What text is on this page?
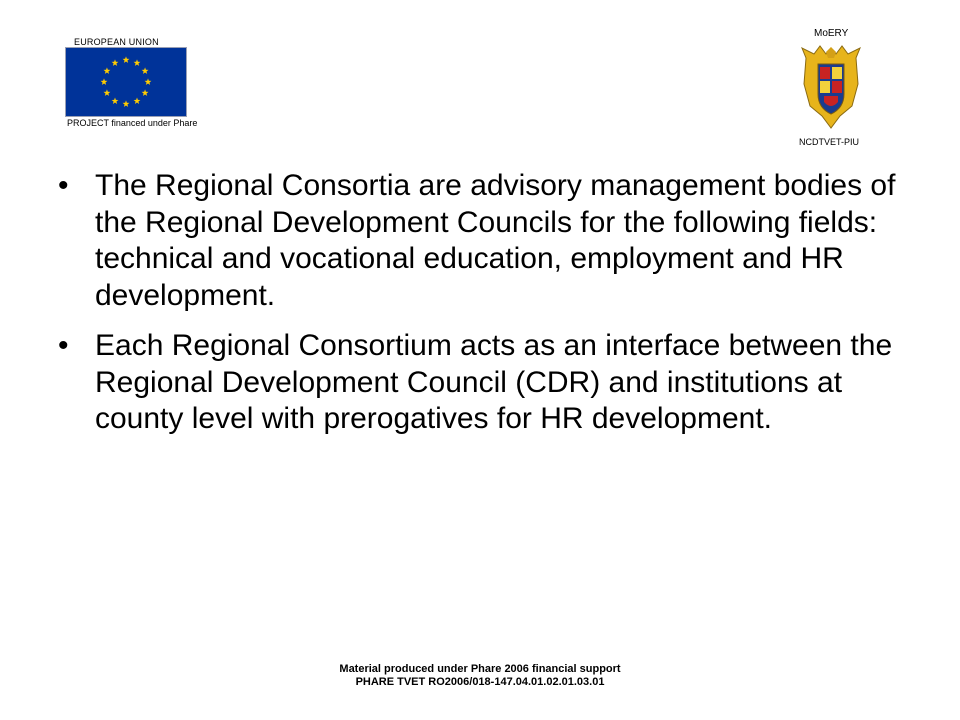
EUROPEAN UNION
PROJECT financed under Phare
MoERY
NCDTVET-PIU
• The Regional Consortia are advisory management bodies of the Regional Development Councils for the following fields: technical and vocational education, employment and HR development.
• Each Regional Consortium acts as an interface between the Regional Development Council (CDR) and institutions at county level with prerogatives for HR development.
Material produced under Phare 2006 financial support
PHARE TVET RO2006/018-147.04.01.02.01.03.01
